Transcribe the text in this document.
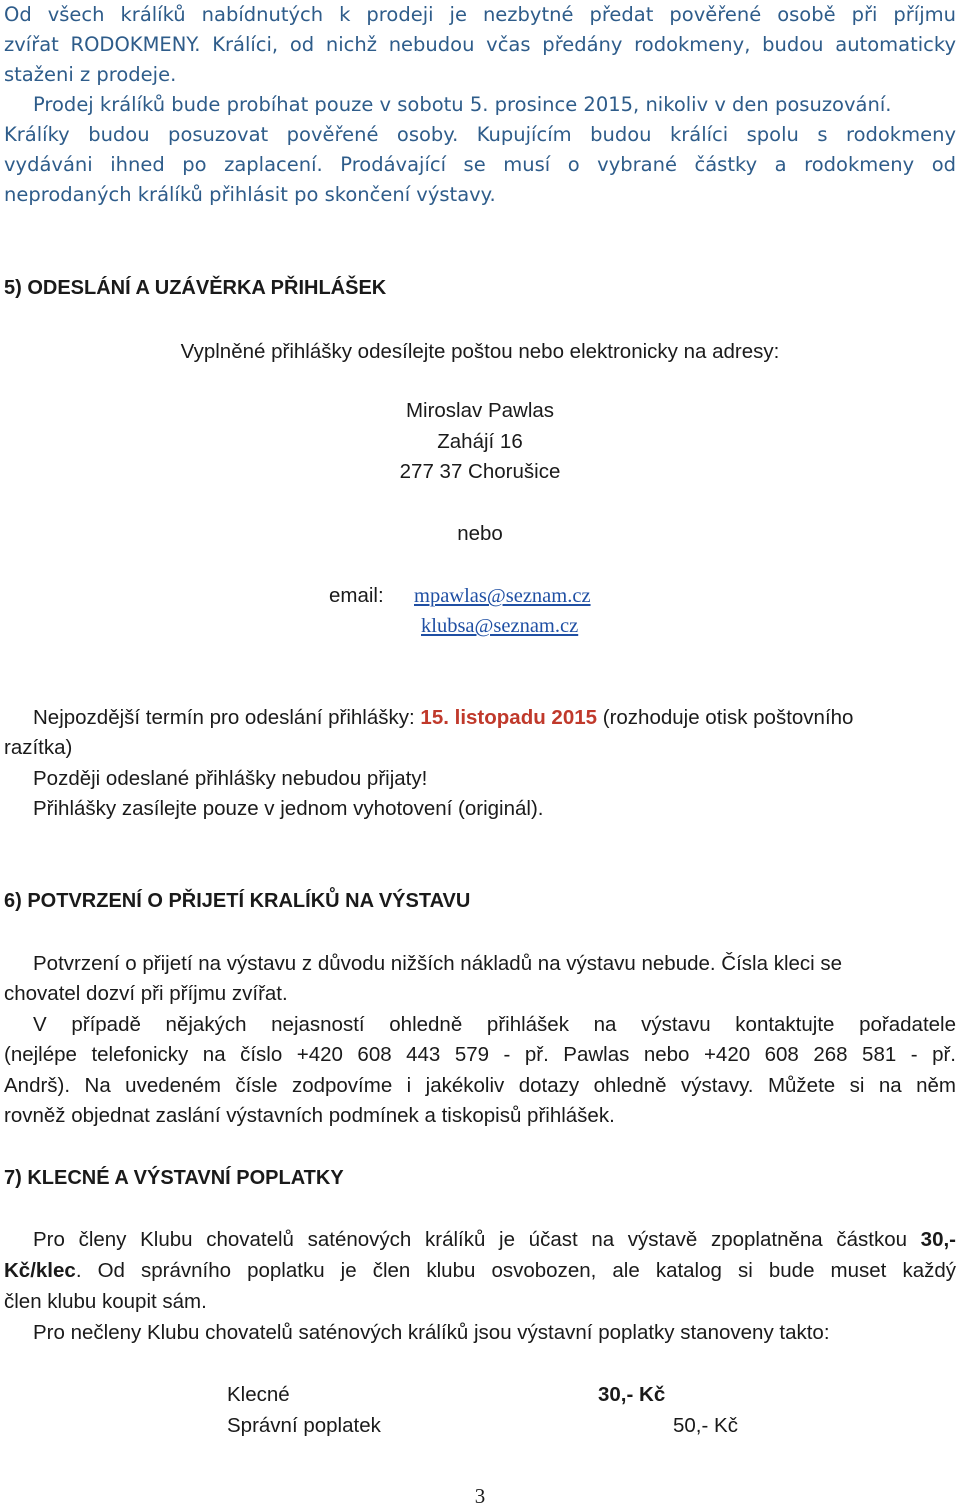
Od všech králíků nabídnutých k prodeji je nezbytné předat pověřené osobě při příjmu
zvířat RODOKMENY. Králíci, od nichž nebudou včas předány rodokmeny, budou automaticky
staženi z prodeje.
Prodej králíků bude probíhat pouze v sobotu 5. prosince 2015, nikoliv v den posuzování.
Králíky budou posuzovat pověřené osoby. Kupujícím budou králíci spolu s rodokmeny
vydáváni ihned po zaplacení. Prodávající se musí o vybrané částky a rodokmeny od
neprodaných králíků přihlásit po skončení výstavy.
5) ODESLÁNÍ A UZÁVĚRKA PŘIHLÁŠEK
Vyplněné přihlášky odesílejte poštou nebo elektronicky na adresy:
Miroslav Pawlas
Zahájí 16
277 37 Chorušice
nebo
email: mpawlas@seznam.cz
klubsa@seznam.cz
Nejpozdější termín pro odeslání přihlášky: 15. listopadu 2015 (rozhoduje otisk poštovního
razítka)
Později odeslané přihlášky nebudou přijaty!
Přihlášky zasílejte pouze v jednom vyhotovení (originál).
6) POTVRZENÍ O PŘIJETÍ KRALÍKŮ NA VÝSTAVU
Potvrzení o přijetí na výstavu z důvodu nižších nákladů na výstavu nebude. Čísla kleci se
chovatel dozví při příjmu zvířat.
V případě nějakých nejasností ohledně přihlášek na výstavu kontaktujte pořadatele
(nejlépe telefonicky na číslo +420 608 443 579 - př. Pawlas nebo +420 608 268 581 - př.
Andrš). Na uvedeném čísle zodpovíme i jakékoliv dotazy ohledně výstavy. Můžete si na něm
rovněž objednat zaslání výstavních podmínek a tiskopisů přihlášek.
7) KLECNÉ A VÝSTAVNÍ POPLATKY
Pro členy Klubu chovatelů saténových králíků je účast na výstavě zpoplatněna částkou 30,-
Kč/klec. Od správního poplatku je člen klubu osvobozen, ale katalog si bude muset každý
člen klubu koupit sám.
Pro nečleny Klubu chovatelů saténových králíků jsou výstavní poplatky stanoveny takto:
Klecné	30,- Kč
Správní poplatek	50,- Kč
3
